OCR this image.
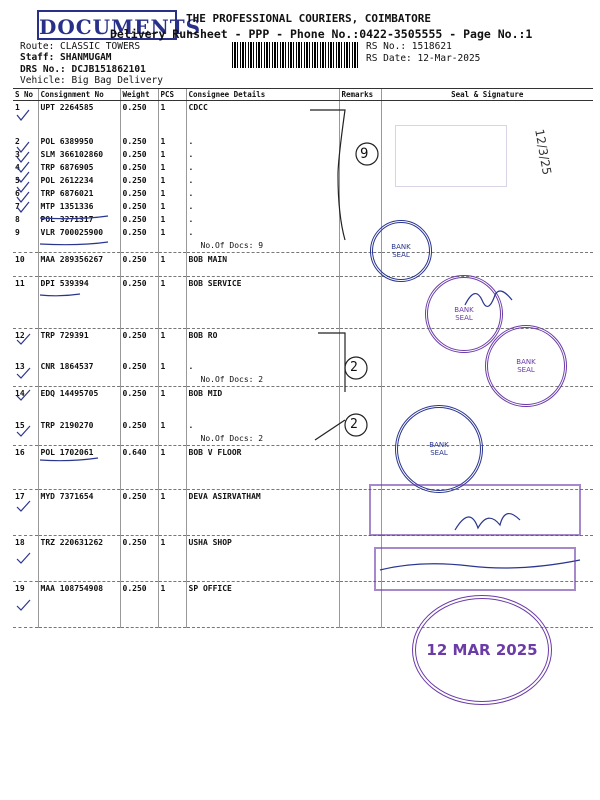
DOCUMENTS
THE PROFESSIONAL COURIERS, COIMBATORE
Delivery Runsheet - PPP - Phone No.:0422-3505555 - Page No.:1
Route: CLASSIC TOWERS
Staff: SHANMUGAM
DRS No.: DCJB151862101
Vehicle: Big Bag Delivery
RS No.: 1518621
RS Date: 12-Mar-2025
S No	Consignment No	Weight	PCS	Consignee Details	Remarks	Seal & Signature
1	UPT 2264585	0.250	1	CDCC		
2	POL 6389950	0.250	1	.		
3	SLM 366102860	0.250	1	.		
4	TRP 6876905	0.250	1	.		
5	POL 2612234	0.250	1	.		
6	TRP 6876021	0.250	1	.		
7	MTP 1351336	0.250	1	.		
8	POL 3271317	0.250	1	.		
9	VLR 700025900	0.250	1	.		
				No.Of Docs: 9		
10	MAA 289356267	0.250	1	BOB MAIN		
11	DPI 539394	0.250	1	BOB SERVICE		
12	TRP 729391	0.250	1	BOB RO		
13	CNR 1864537	0.250	1	.		
				No.Of Docs: 2		
14	EDQ 14495705	0.250	1	BOB MID		
15	TRP 2190270	0.250	1	.		
				No.Of Docs: 2		
16	POL 1702061	0.640	1	BOB V FLOOR		
17	MYD 7371654	0.250	1	DEVA ASIRVATHAM		
18	TRZ 220631262	0.250	1	USHA SHOP		
19	MAA 108754908	0.250	1	SP OFFICE		
9
2
2
12/3/25
BANK
SEAL
BANK
SEAL
BANK
SEAL
BANK
SEAL
12 MAR 2025
